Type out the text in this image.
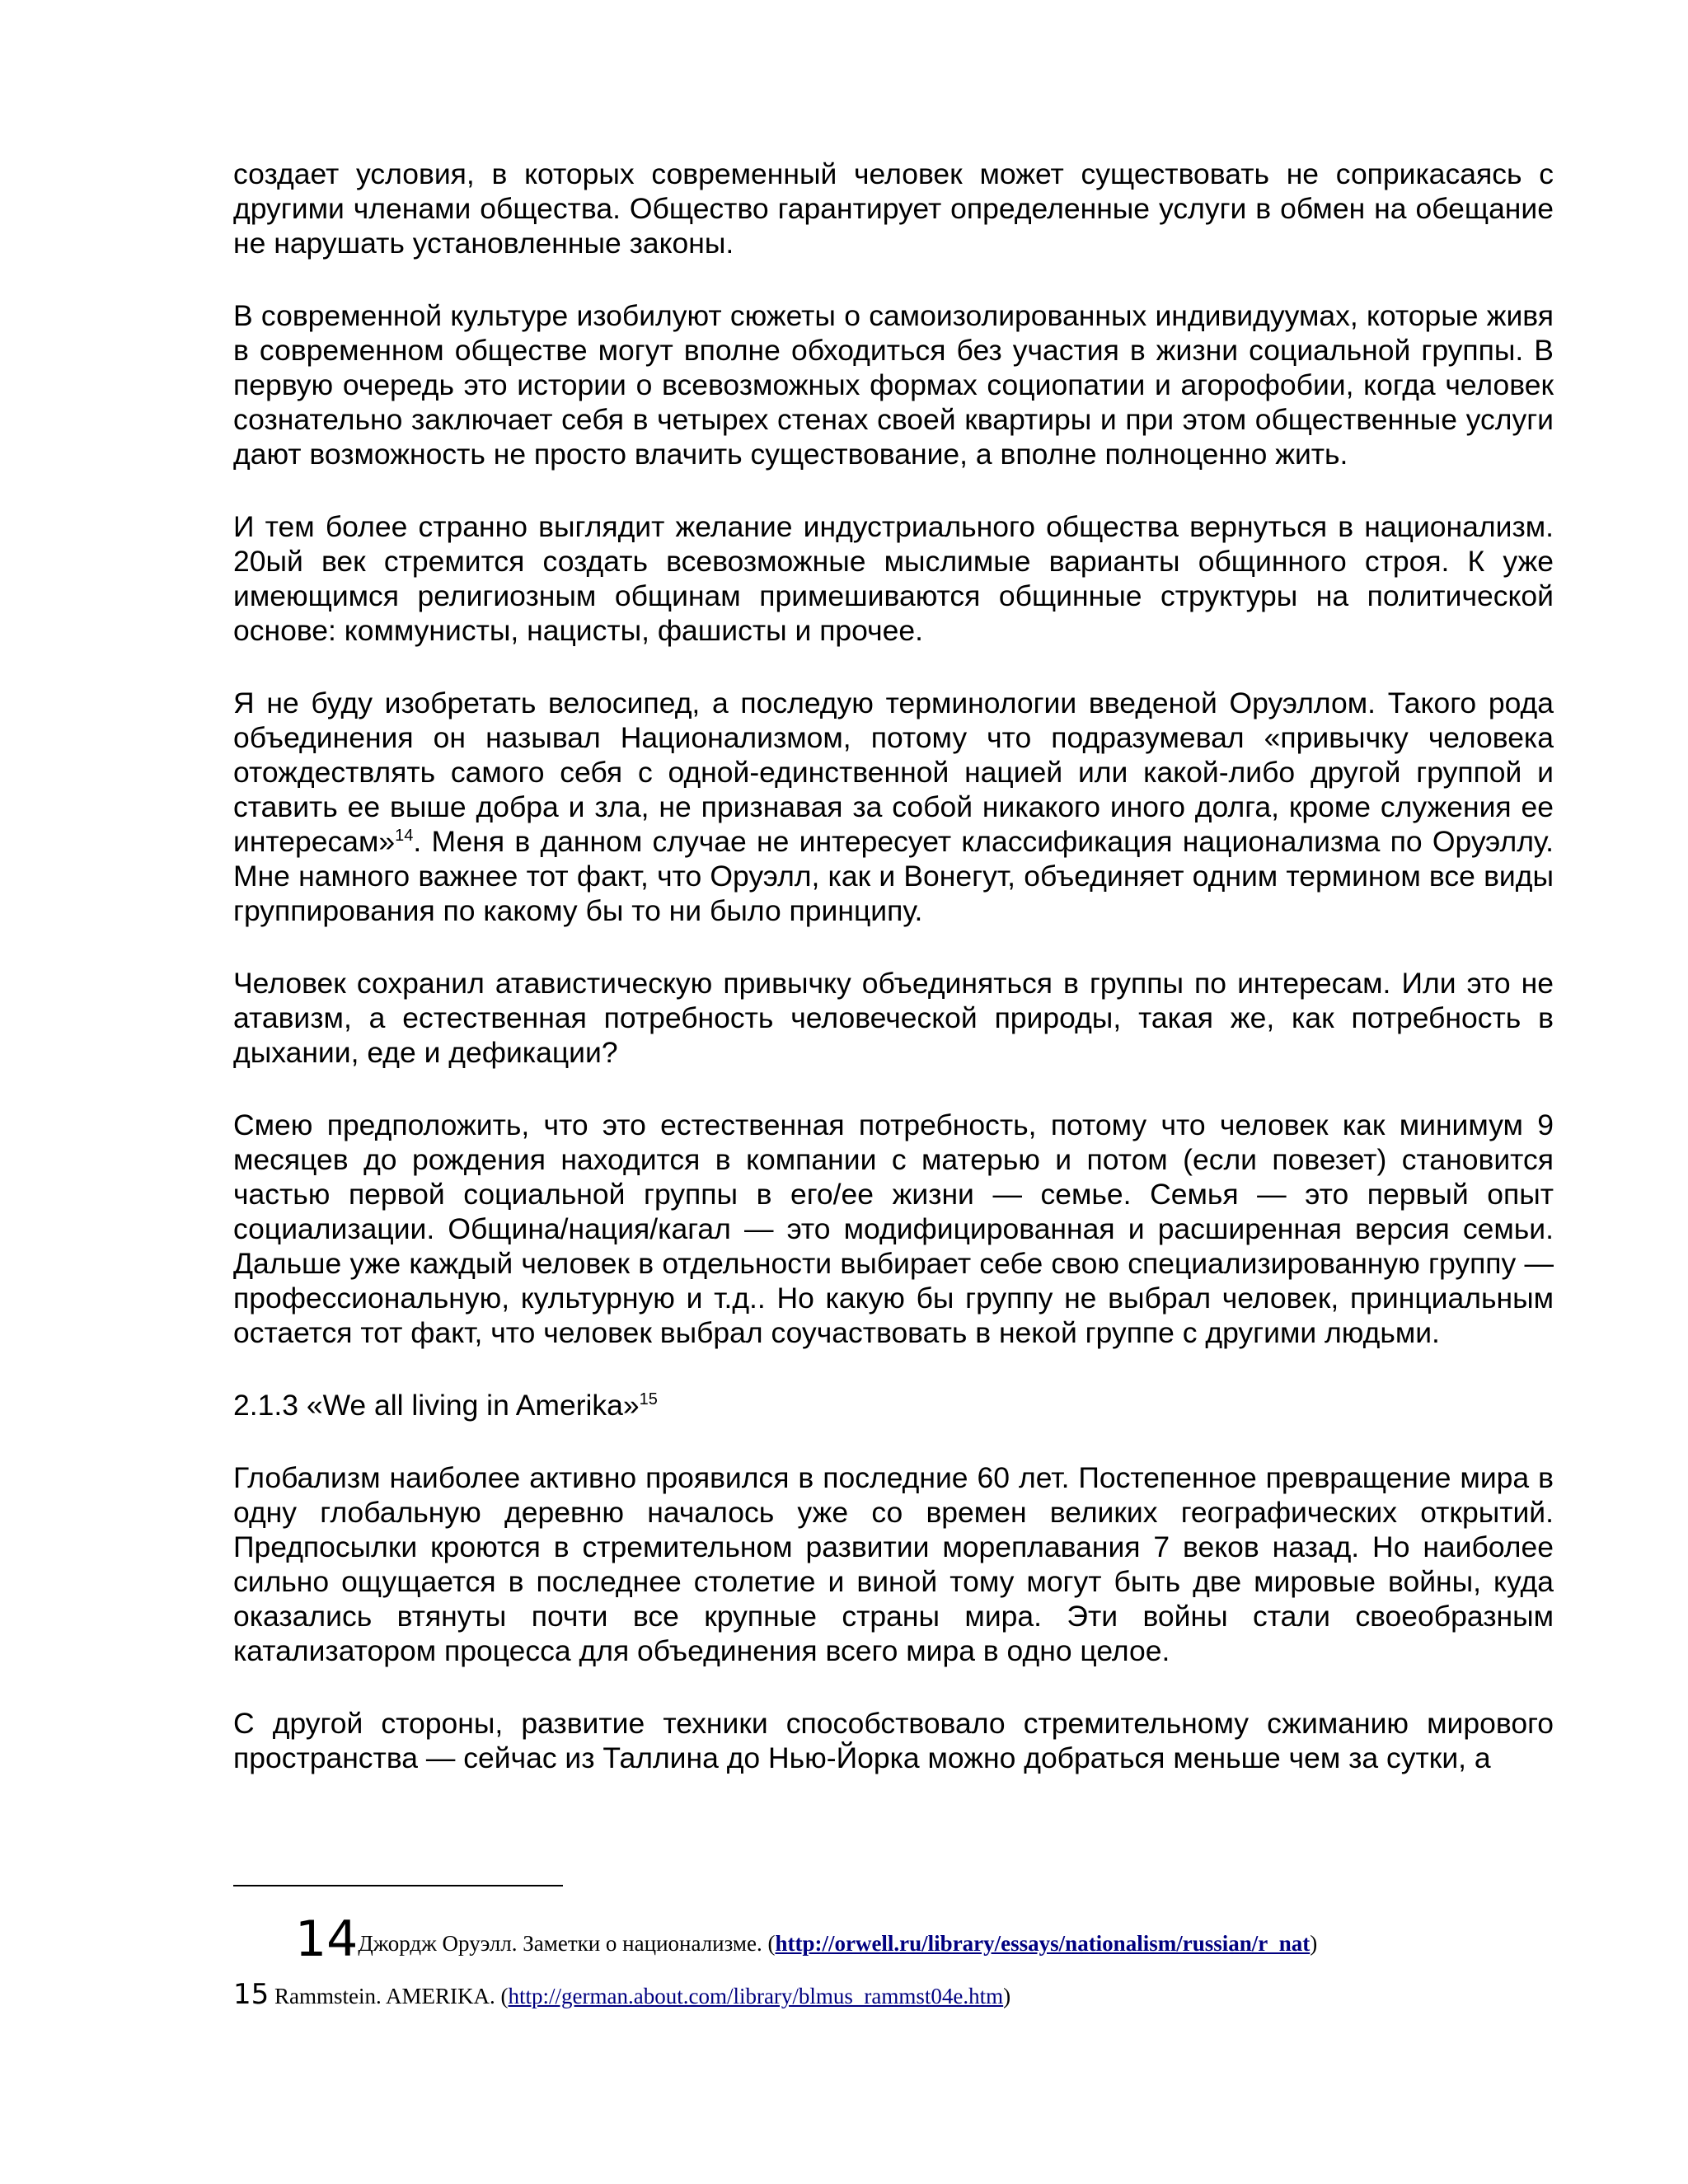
создает условия, в которых современный человек может существовать не соприкасаясь с другими членами общества. Общество гарантирует определенные услуги в обмен на обещание не нарушать установленные законы.

В современной культуре изобилуют сюжеты о самоизолированных индивидуумах, которые живя в современном обществе могут вполне обходиться без участия в жизни социальной группы. В первую очередь это истории о всевозможных формах социопатии и агорофобии, когда человек сознательно заключает себя в четырех стенах своей квартиры и при этом общественные услуги дают возможность не просто влачить существование, а вполне полноценно жить.

И тем более странно выглядит желание индустриального общества вернуться в национализм. 20ый век стремится создать всевозможные мыслимые варианты общинного строя. К уже имеющимся религиозным общинам примешиваются общинные структуры на политической основе: коммунисты, нацисты, фашисты и прочее.

Я не буду изобретать велосипед, а последую терминологии введеной Оруэллом. Такого рода объединения он называл Национализмом, потому что подразумевал «привычку человека отождествлять самого себя с одной-единственной нацией или какой-либо другой группой и ставить ее выше добра и зла, не признавая за собой никакого иного долга, кроме служения ее интересам»$^{14}$. Меня в данном случае не интересует классификация национализма по Оруэллу. Мне намного важнее тот факт, что Оруэлл, как и Вонегут, объединяет одним термином все виды группирования по какому бы то ни было принципу.

Человек сохранил атавистическую привычку объединяться в группы по интересам. Или это не атавизм, а естественная потребность человеческой природы, такая же, как потребность в дыхании, еде и дефикации?

Смею предположить, что это естественная потребность, потому что человек как минимум 9 месяцев до рождения находится в компании с матерью и потом (если повезет) становится частью первой социальной группы в его/ее жизни — семье. Семья — это первый опыт социализации. Община/нация/кагал — это модифицированная и расширенная версия семьи. Дальше уже каждый человек в отдельности выбирает себе свою специализированную группу — профессиональную, культурную и т.д.. Но какую бы группу не выбрал человек, принциальным остается тот факт, что человек выбрал соучаствовать в некой группе с другими людьми.

2.1.3 «We all living in Amerika»$^{15}$

Глобализм наиболее активно проявился в последние 60 лет. Постепенное превращение мира в одну глобальную деревню началось уже со времен великих географических открытий. Предпосылки кроются в стремительном развитии мореплавания 7 веков назад. Но наиболее сильно ощущается в последнее столетие и виной тому могут быть две мировые войны, куда оказались втянуты почти все крупные страны мира. Эти войны стали своеобразным катализатором процесса для объединения всего мира в одно целое.

С другой стороны, развитие техники способствовало стремительному сжиманию мирового пространства — сейчас из Таллина до Нью-Йорка можно добраться меньше чем за сутки, а

14Джордж Оруэлл. Заметки о национализме. (http://orwell.ru/library/essays/nationalism/russian/r_nat)
15 Rammstein. AMERIKA. (http://german.about.com/library/blmus_rammst04e.htm)
